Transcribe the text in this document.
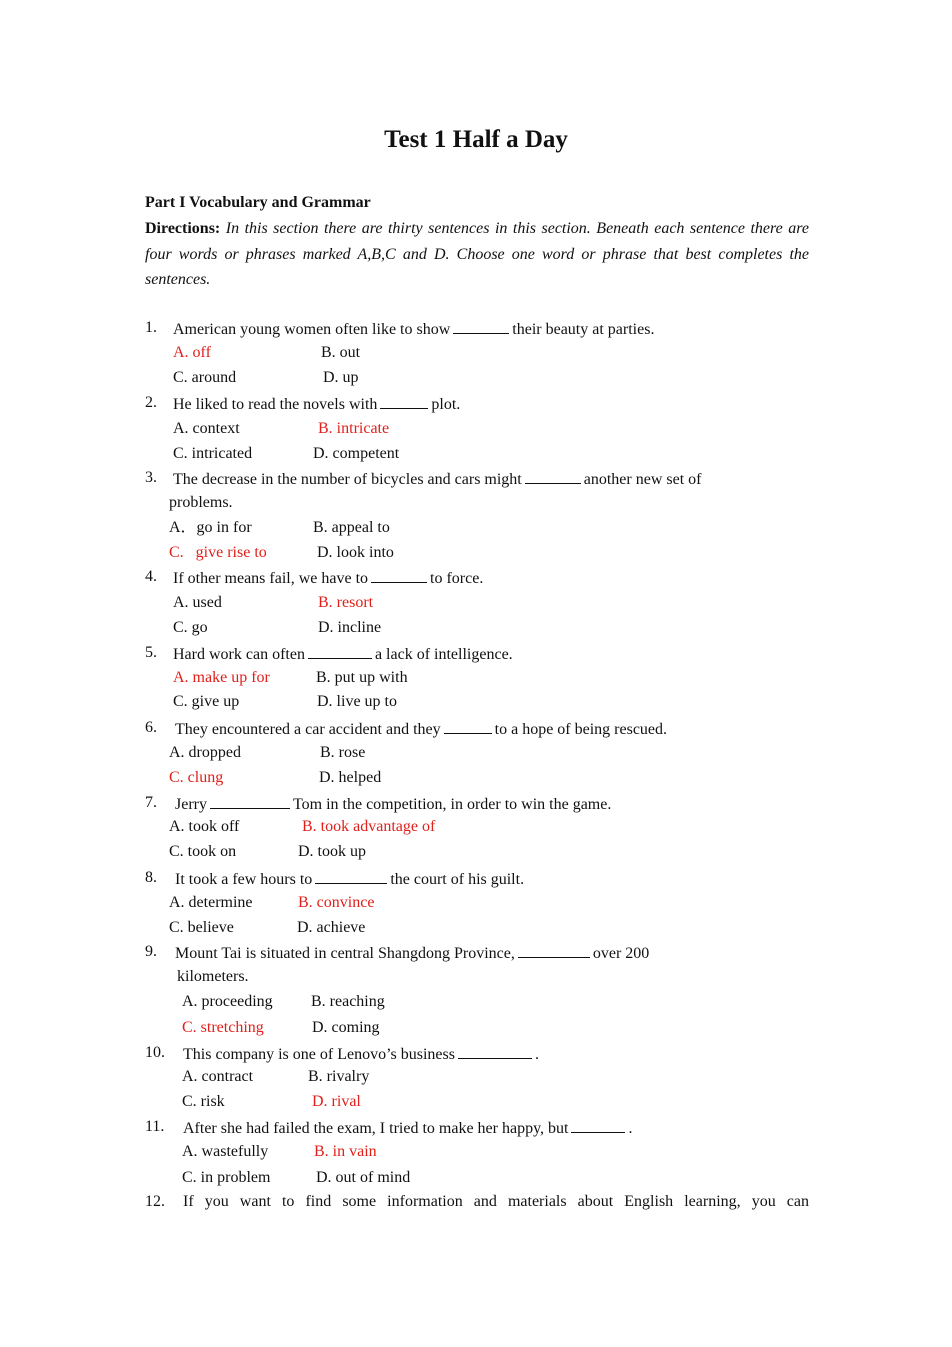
Test 1 Half a Day
Part I Vocabulary and Grammar
Directions: In this section there are thirty sentences in this section. Beneath each sentence there are four words or phrases marked A,B,C and D. Choose one word or phrase that best completes the sentences.
1. American young women often like to show	their beauty at parties.
A. off	B. out
C. around	D. up
2. He liked to read the novels with	plot.
A. context	B. intricate
C. intricated	D. competent
3. The decrease in the number of bicycles and cars might	another new set of
problems.
A．go in for	B. appeal to
C.   give rise to	D. look into
4. If other means fail, we have to	to force.
A. used	B. resort
C. go	D. incline
5. Hard work can often	a lack of intelligence.
A. make up for	B. put up with
C. give up	D. live up to
6. They encountered a car accident and they	to a hope of being rescued.
A. dropped	B. rose
C. clung	D. helped
7. Jerry	Tom in the competition, in order to win the game.
A. took off	B. took advantage of
C. took on	D. took up
8. It took a few hours to	the court of his guilt.
A. determine	B. convince
C. believe	D. achieve
9. Mount Tai is situated in central Shangdong Province,	over 200
kilometers.
A. proceeding B. reaching
C. stretching	D. coming
10. This company is one of Lenovo’s business	.
A. contract	B. rivalry
C. risk	D. rival
11. After she had failed the exam, I tried to make her happy, but	.
A. wastefully	B. in vain
C. in problem	D. out of mind
12. If you want to find some information and materials about English learning, you can
